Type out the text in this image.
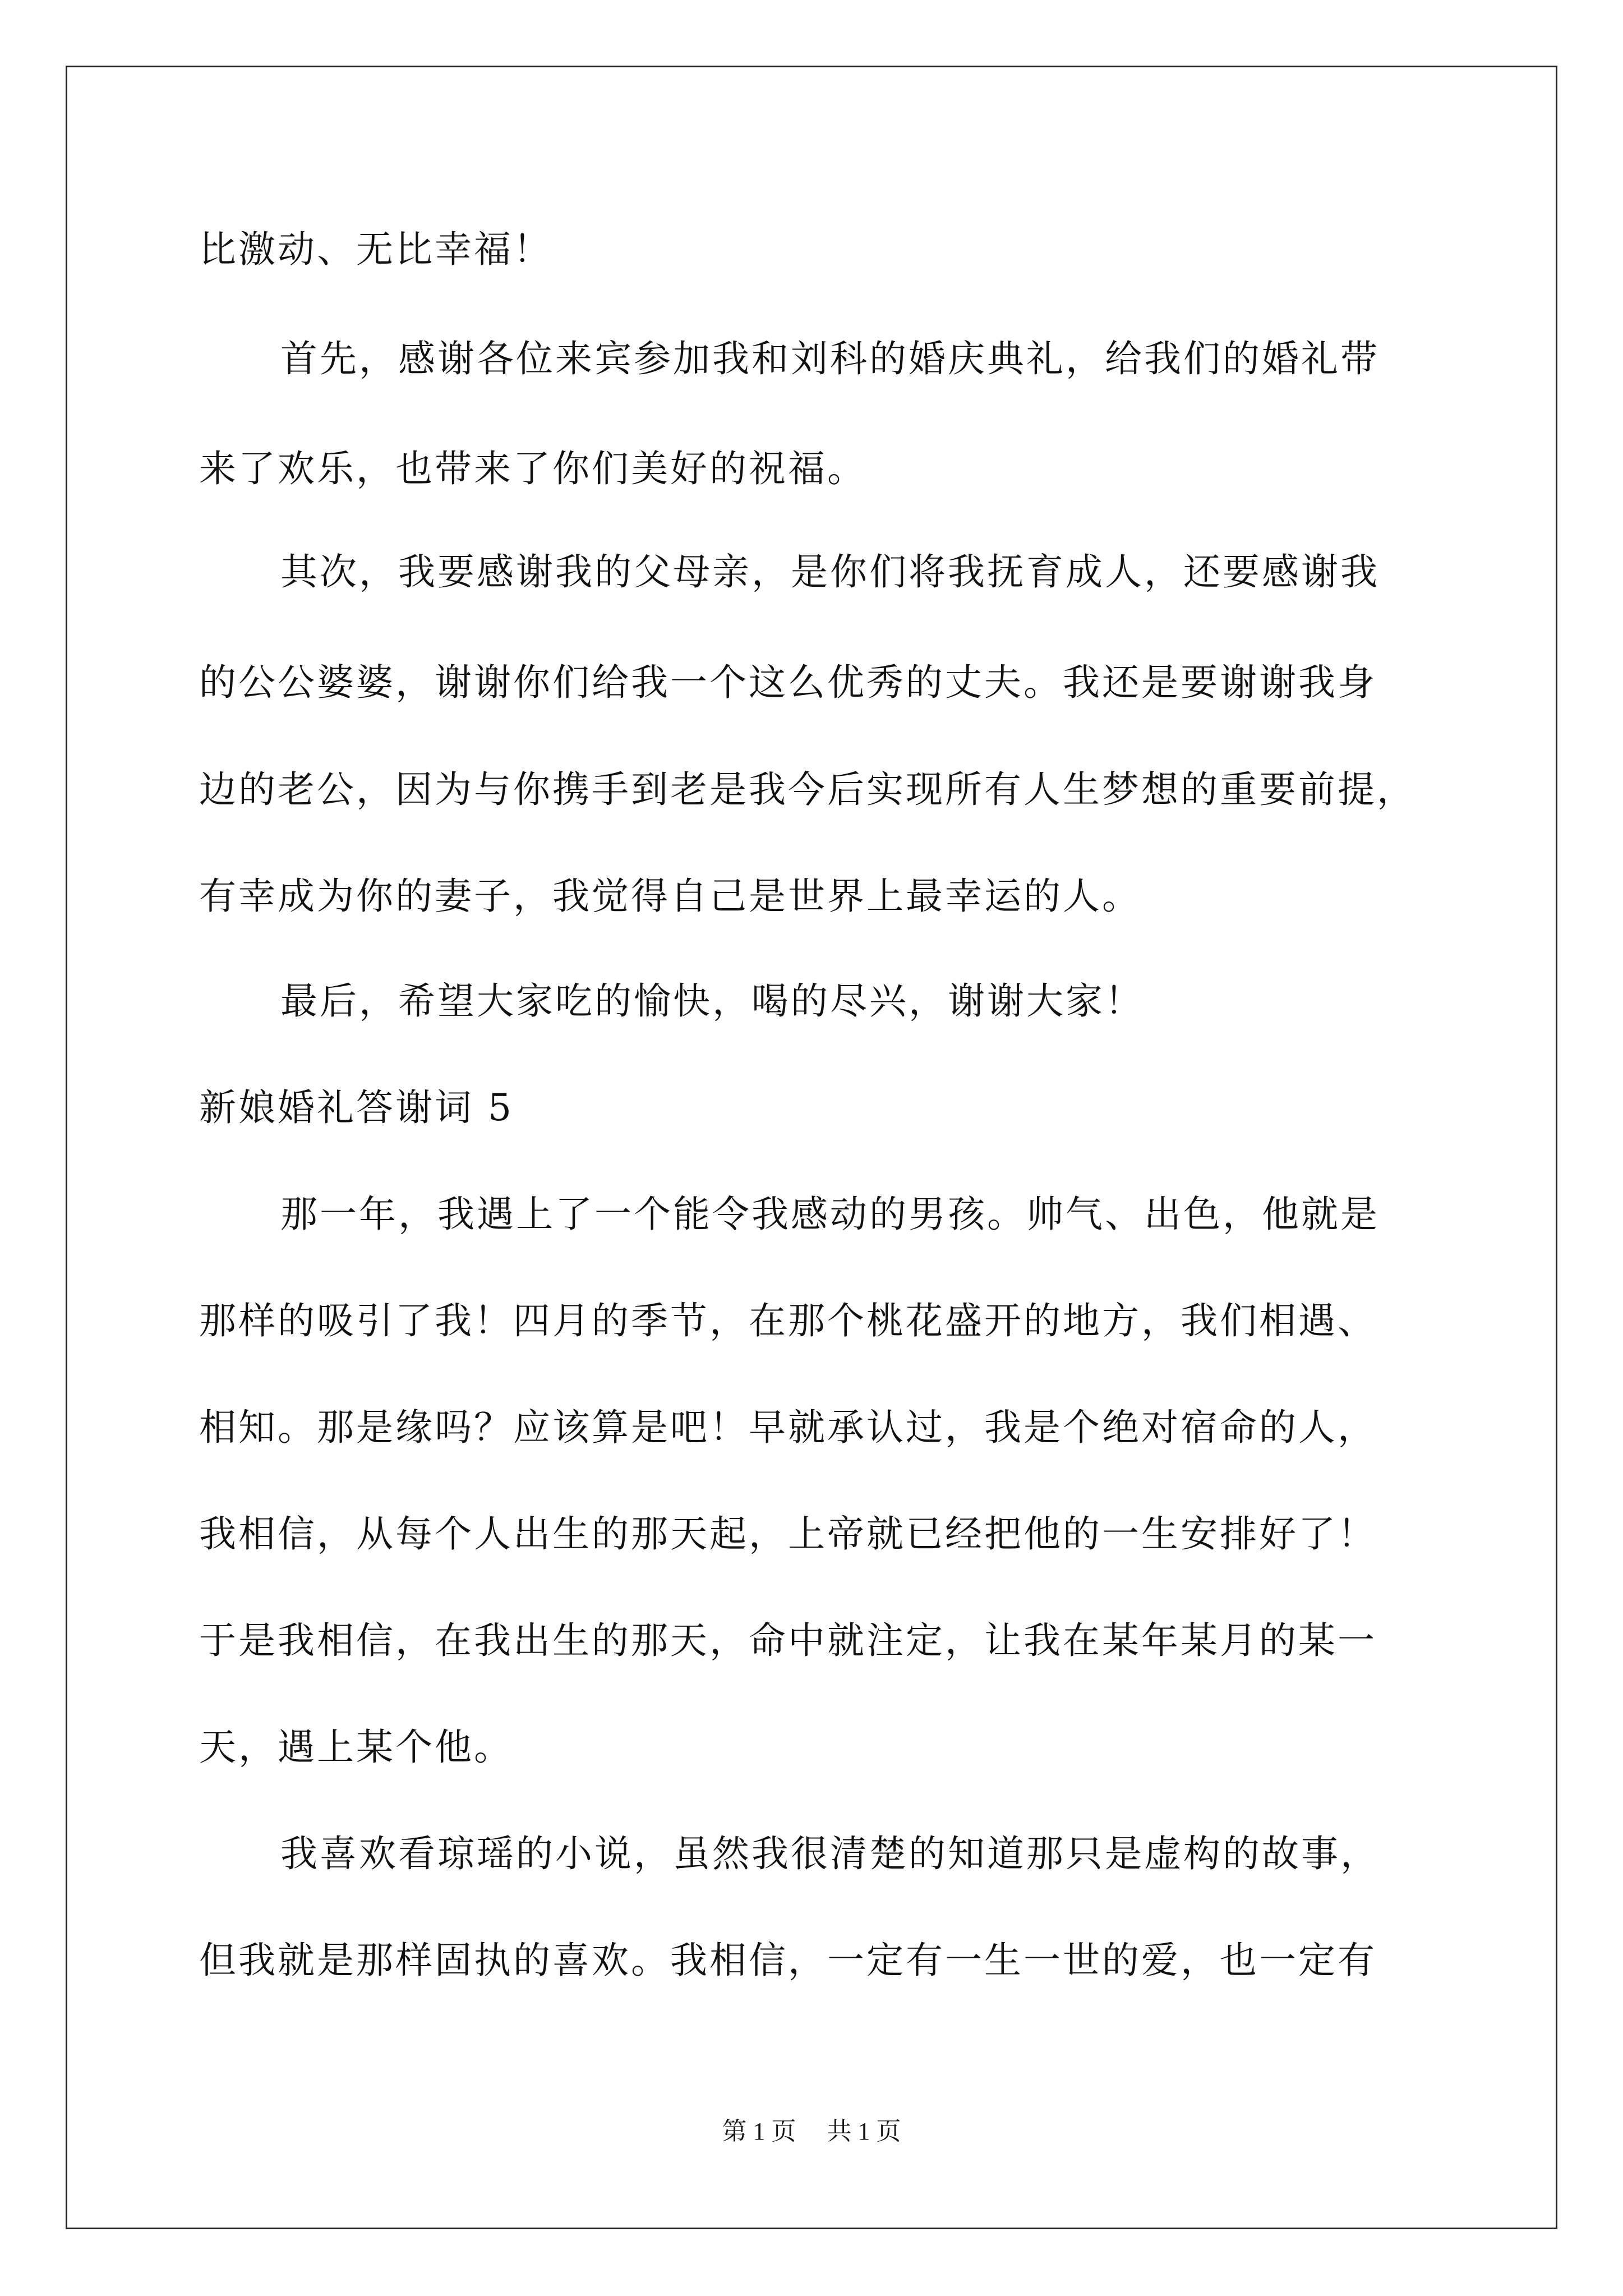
比激动、无比幸福！
首先，感谢各位来宾参加我和刘科的婚庆典礼，给我们的婚礼带
来了欢乐，也带来了你们美好的祝福。
其次，我要感谢我的父母亲，是你们将我抚育成人，还要感谢我
的公公婆婆，谢谢你们给我一个这么优秀的丈夫。我还是要谢谢我身
边的老公，因为与你携手到老是我今后实现所有人生梦想的重要前提，
有幸成为你的妻子，我觉得自己是世界上最幸运的人。
最后，希望大家吃的愉快，喝的尽兴，谢谢大家！
新娘婚礼答谢词 5
那一年，我遇上了一个能令我感动的男孩。帅气、出色，他就是
那样的吸引了我！四月的季节，在那个桃花盛开的地方，我们相遇、
相知。那是缘吗？应该算是吧！早就承认过，我是个绝对宿命的人，
我相信，从每个人出生的那天起，上帝就已经把他的一生安排好了！
于是我相信，在我出生的那天，命中就注定，让我在某年某月的某一
天，遇上某个他。
我喜欢看琼瑶的小说，虽然我很清楚的知道那只是虚构的故事，
但我就是那样固执的喜欢。我相信，一定有一生一世的爱，也一定有
第 1 页　 共 1 页
